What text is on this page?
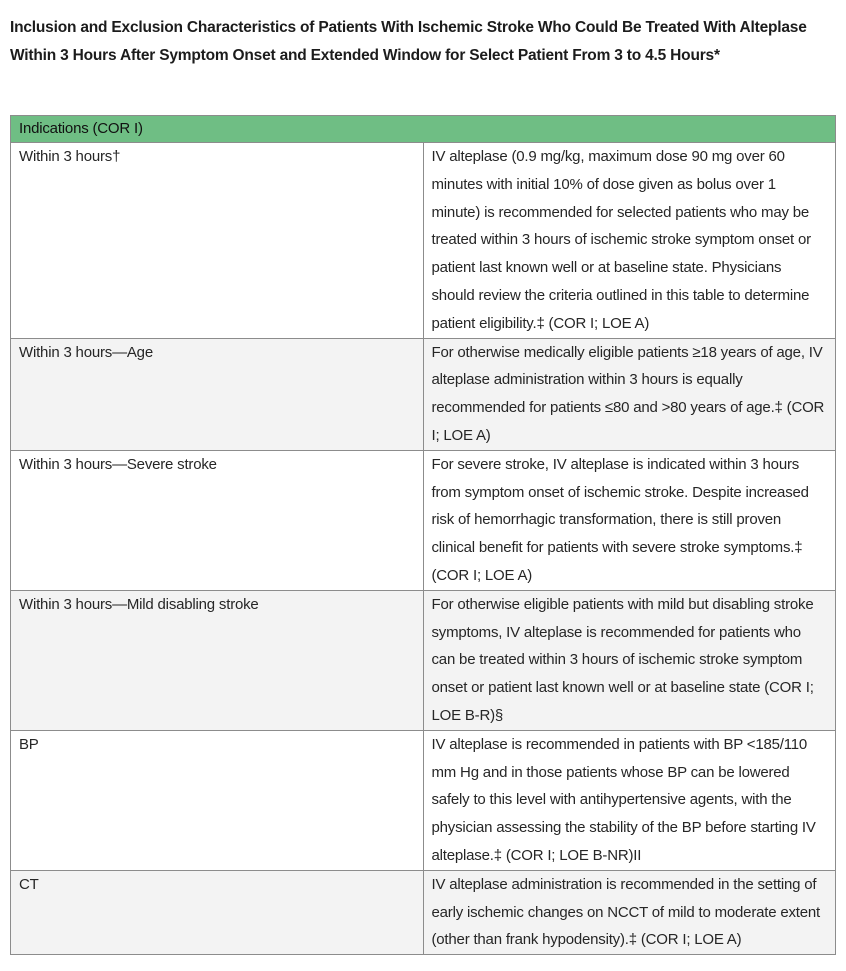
Inclusion and Exclusion Characteristics of Patients With Ischemic Stroke Who Could Be Treated With Alteplase Within 3 Hours After Symptom Onset and Extended Window for Select Patient From 3 to 4.5 Hours*
Indications (COR I)	
Within 3 hours†	IV alteplase (0.9 mg/kg, maximum dose 90 mg over 60 minutes with initial 10% of dose given as bolus over 1 minute) is recommended for selected patients who may be treated within 3 hours of ischemic stroke symptom onset or patient last known well or at baseline state. Physicians should review the criteria outlined in this table to determine patient eligibility.‡ (COR I; LOE A)
Within 3 hours—Age	For otherwise medically eligible patients ≥18 years of age, IV alteplase administration within 3 hours is equally recommended for patients ≤80 and >80 years of age.‡ (COR I; LOE A)
Within 3 hours—Severe stroke	For severe stroke, IV alteplase is indicated within 3 hours from symptom onset of ischemic stroke. Despite increased risk of hemorrhagic transformation, there is still proven clinical benefit for patients with severe stroke symptoms.‡ (COR I; LOE A)
Within 3 hours—Mild disabling stroke	For otherwise eligible patients with mild but disabling stroke symptoms, IV alteplase is recommended for patients who can be treated within 3 hours of ischemic stroke symptom onset or patient last known well or at baseline state (COR I; LOE B-R)§
BP	IV alteplase is recommended in patients with BP <185/110 mm Hg and in those patients whose BP can be lowered safely to this level with antihypertensive agents, with the physician assessing the stability of the BP before starting IV alteplase.‡ (COR I; LOE B-NR)II
CT	IV alteplase administration is recommended in the setting of early ischemic changes on NCCT of mild to moderate extent (other than frank hypodensity).‡ (COR I; LOE A)
